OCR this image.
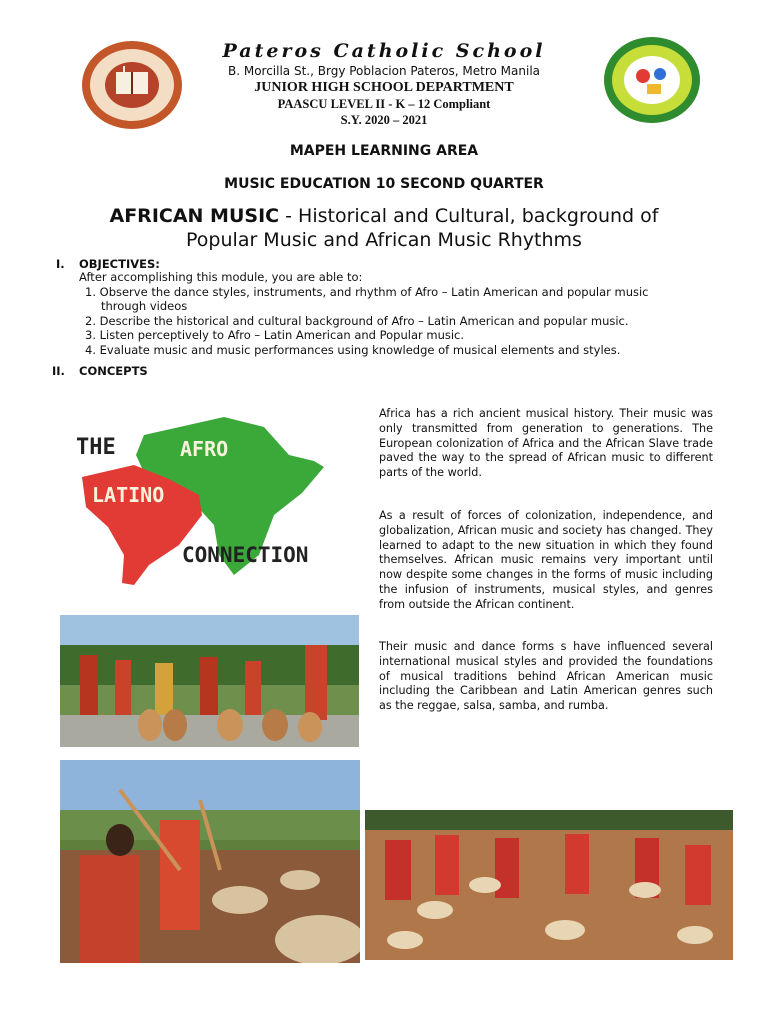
Pateros Catholic School
B. Morcilla St., Brgy Poblacion Pateros, Metro Manila
JUNIOR HIGH SCHOOL DEPARTMENT
PAASCU LEVEL II - K – 12 Compliant
S.Y. 2020 – 2021
MAPEH LEARNING AREA
MUSIC EDUCATION 10 SECOND QUARTER
AFRICAN MUSIC - Historical and Cultural, background of
Popular Music and African Music Rhythms
I. OBJECTIVES:
After accomplishing this module, you are able to:
1. Observe the dance styles, instruments, and rhythm of Afro – Latin American and popular music
through videos
2. Describe the historical and cultural background of Afro – Latin American and popular music.
3. Listen perceptively to Afro – Latin American and Popular music.
4. Evaluate music and music performances using knowledge of musical elements and styles.
II. CONCEPTS
THE	AFRO
LATINO
CONNECTION
Africa has a rich ancient musical history. Their music was only transmitted from generation to generations. The European colonization of Africa and the African Slave trade paved the way to the spread of African music to different parts of the world.
As a result of forces of colonization, independence, and globalization, African music and society has changed. They learned to adapt to the new situation in which they found themselves. African music remains very important until now despite some changes in the forms of music including the infusion of instruments, musical styles, and genres from outside the African continent.
Their music and dance forms s have influenced several international musical styles and provided the foundations of musical traditions behind African American music including the Caribbean and Latin American genres such as the reggae, salsa, samba, and rumba.
